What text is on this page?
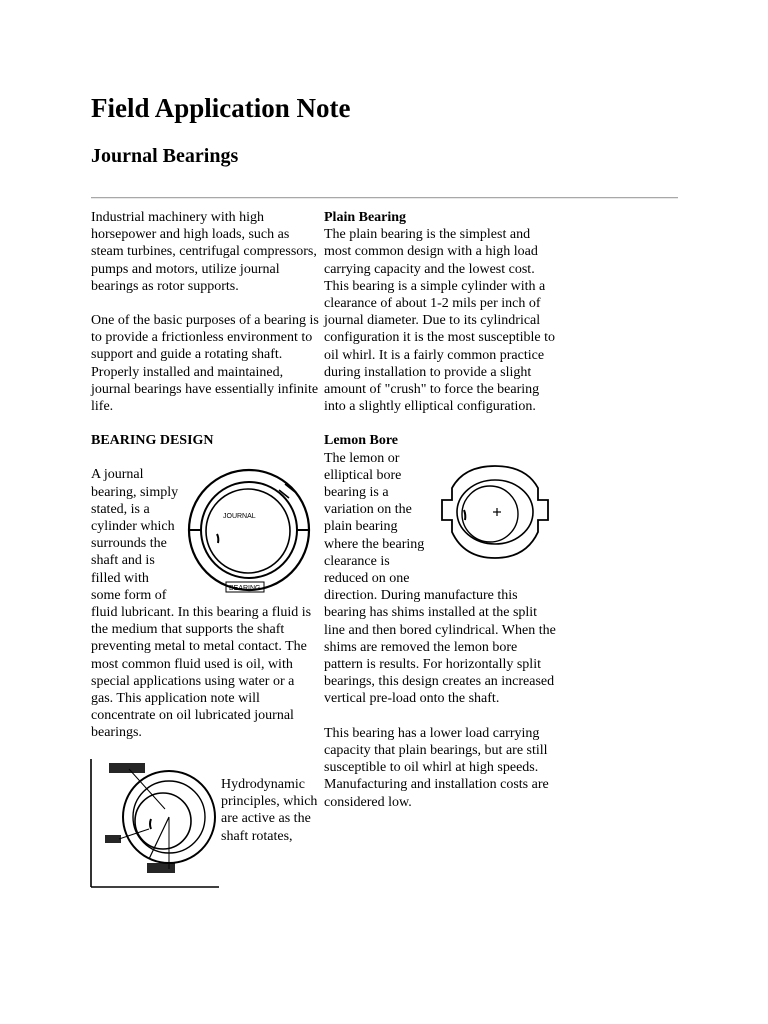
Field Application Note
Journal Bearings

Industrial machinery with high horsepower and high loads, such as steam turbines, centrifugal compressors, pumps and motors, utilize journal bearings as rotor supports.

One of the basic purposes of a bearing is to provide a frictionless environment to support and guide a rotating shaft. Properly installed and maintained, journal bearings have essentially infinite life.

BEARING DESIGN

JOURNAL
BEARING

A journal bearing, simply stated, is a cylinder which surrounds the shaft and is filled with some form of fluid lubricant. In this bearing a fluid is the medium that supports the shaft preventing metal to metal contact. The most common fluid used is oil, with special applications using water or a gas. This application note will concentrate on oil lubricated journal bearings.

Hydrodynamic principles, which are active as the shaft rotates,

Plain Bearing

The plain bearing is the simplest and most common design with a high load carrying capacity and the lowest cost. This bearing is a simple cylinder with a clearance of about 1-2 mils per inch of journal diameter. Due to its cylindrical configuration it is the most susceptible to oil whirl. It is a fairly common practice during installation to provide a slight amount of "crush" to force the bearing into a slightly elliptical configuration.

Lemon Bore

The lemon or elliptical bore bearing is a variation on the plain bearing where the bearing clearance is reduced on one direction. During manufacture this bearing has shims installed at the split line and then bored cylindrical. When the shims are removed the lemon bore pattern is results. For horizontally split bearings, this design creates an increased vertical pre-load onto the shaft.

This bearing has a lower load carrying capacity that plain bearings, but are still susceptible to oil whirl at high speeds. Manufacturing and installation costs are considered low.
